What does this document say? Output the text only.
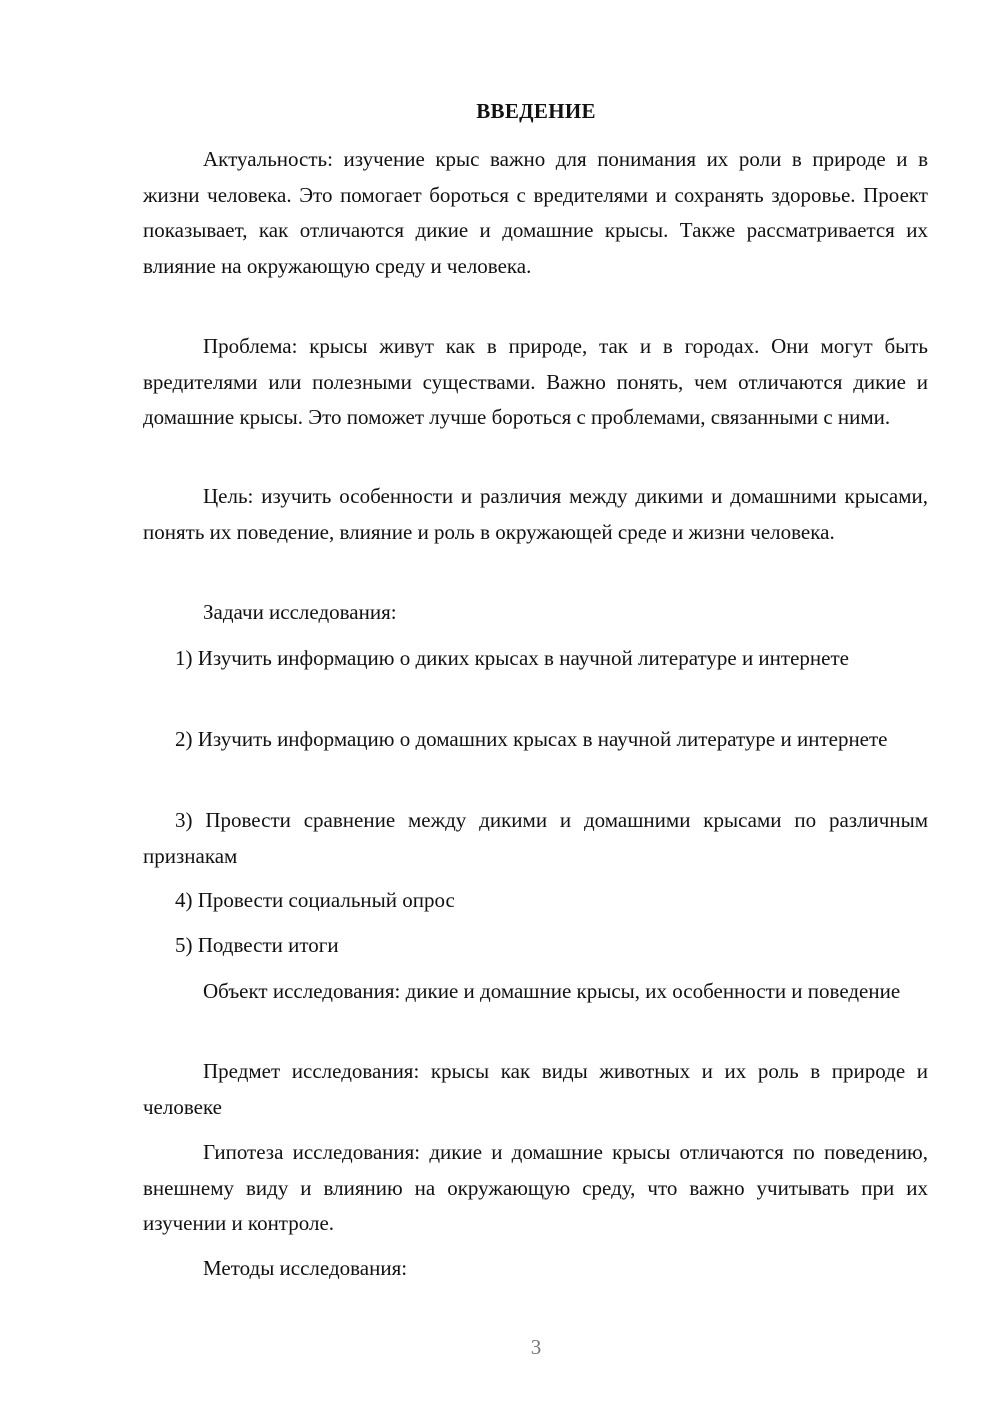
ВВЕДЕНИЕ

Актуальность: изучение крыс важно для понимания их роли в природе и в жизни человека. Это помогает бороться с вредителями и сохранять здоровье. Проект показывает, как отличаются дикие и домашние крысы. Также рассматривается их влияние на окружающую среду и человека.

Проблема: крысы живут как в природе, так и в городах. Они могут быть вредителями или полезными существами. Важно понять, чем отличаются дикие и домашние крысы. Это поможет лучше бороться с проблемами, связанными с ними.

Цель: изучить особенности и различия между дикими и домашними крысами, понять их поведение, влияние и роль в окружающей среде и жизни человека.

Задачи исследования:

1) Изучить информацию о диких крысах в научной литературе и интернете

2) Изучить информацию о домашних крысах в научной литературе и интернете

3) Провести сравнение между дикими и домашними крысами по различным признакам

4) Провести социальный опрос

5) Подвести итоги

Объект исследования: дикие и домашние крысы, их особенности и поведение

Предмет исследования: крысы как виды животных и их роль в природе и человеке

Гипотеза исследования: дикие и домашние крысы отличаются по поведению, внешнему виду и влиянию на окружающую среду, что важно учитывать при их изучении и контроле.

Методы исследования:

3
